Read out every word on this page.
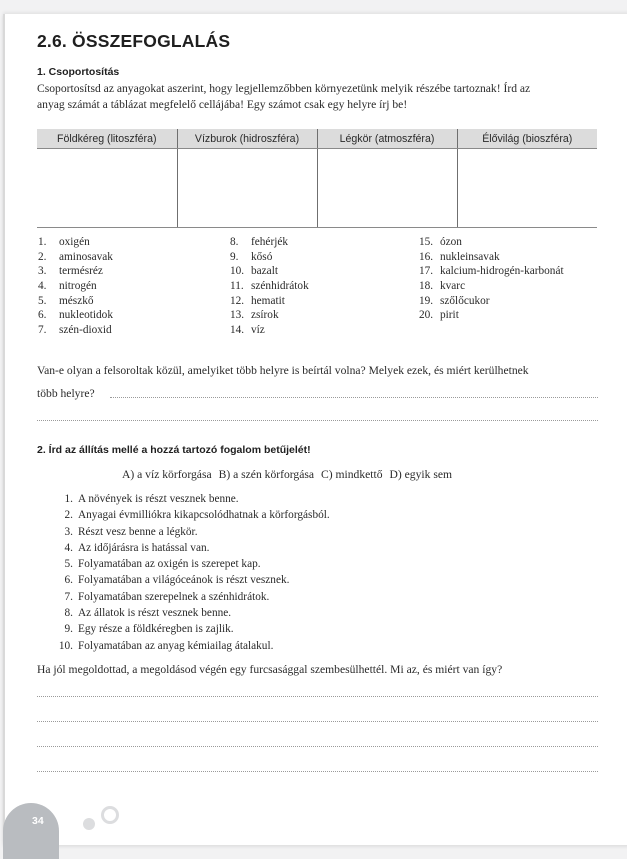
2.6. ÖSSZEFOGLALÁS
1. Csoportosítás
Csoportosítsd az anyagokat aszerint, hogy legjellemzőbben környezetünk melyik részébe tartoznak! Írd az
anyag számát a táblázat megfelelő cellájába! Egy számot csak egy helyre írj be!
Földkéreg (litoszféra)	Vízburok (hidroszféra)	Légkör (atmoszféra)	Élővilág (bioszféra)

1. oxigén
2. aminosavak
3. termésréz
4. nitrogén
5. mészkő
6. nukleotidok
7. szén-dioxid
8. fehérjék
9. kősó
10. bazalt
11. szénhidrátok
12. hematit
13. zsírok
14. víz
15. ózon
16. nukleinsavak
17. kalcium-hidrogén-karbonát
18. kvarc
19. szőlőcukor
20. pirit
Van-e olyan a felsoroltak közül, amelyiket több helyre is beírtál volna? Melyek ezek, és miért kerülhetnek
több helyre?
2. Írd az állítás mellé a hozzá tartozó fogalom betűjelét!
A) a víz körforgása B) a szén körforgása C) mindkettő D) egyik sem
1. A növények is részt vesznek benne.
2. Anyagai évmilliókra kikapcsolódhatnak a körforgásból.
3. Részt vesz benne a légkör.
4. Az időjárásra is hatással van.
5. Folyamatában az oxigén is szerepet kap.
6. Folyamatában a világóceánok is részt vesznek.
7. Folyamatában szerepelnek a szénhidrátok.
8. Az állatok is részt vesznek benne.
9. Egy része a földkéregben is zajlik.
10. Folyamatában az anyag kémiailag átalakul.
Ha jól megoldottad, a megoldásod végén egy furcsasággal szembesülhettél. Mi az, és miért van így?
34
